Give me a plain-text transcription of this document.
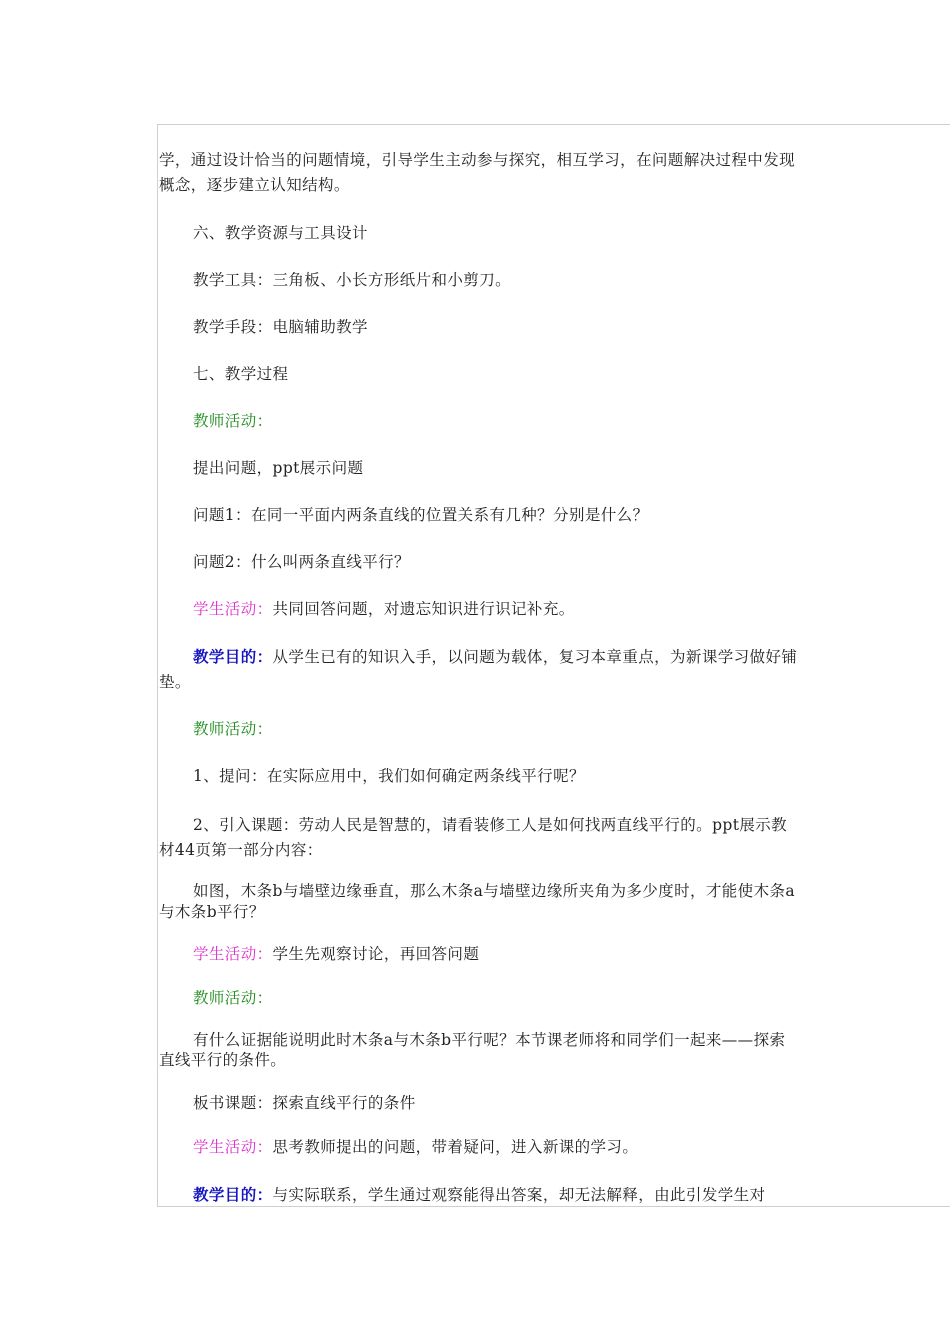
学，通过设计恰当的问题情境，引导学生主动参与探究，相互学习，在问题解决过程中发现概念，逐步建立认知结构。

六、教学资源与工具设计

教学工具：三角板、小长方形纸片和小剪刀。

教学手段：电脑辅助教学

七、教学过程

教师活动：

提出问题，ppt展示问题

问题1：在同一平面内两条直线的位置关系有几种？分别是什么？

问题2：什么叫两条直线平行？

学生活动：共同回答问题，对遗忘知识进行识记补充。

教学目的：从学生已有的知识入手，以问题为载体，复习本章重点，为新课学习做好铺垫。

教师活动：

1、提问：在实际应用中，我们如何确定两条线平行呢？

2、引入课题：劳动人民是智慧的，请看装修工人是如何找两直线平行的。ppt展示教材44页第一部分内容：

如图，木条b与墙壁边缘垂直，那么木条a与墙壁边缘所夹角为多少度时，才能使木条a与木条b平行？

学生活动：学生先观察讨论，再回答问题

教师活动：

有什么证据能说明此时木条a与木条b平行呢？本节课老师将和同学们一起来——探索直线平行的条件。

板书课题：探索直线平行的条件

学生活动：思考教师提出的问题，带着疑问，进入新课的学习。

教学目的：与实际联系，学生通过观察能得出答案，却无法解释，由此引发学生对
